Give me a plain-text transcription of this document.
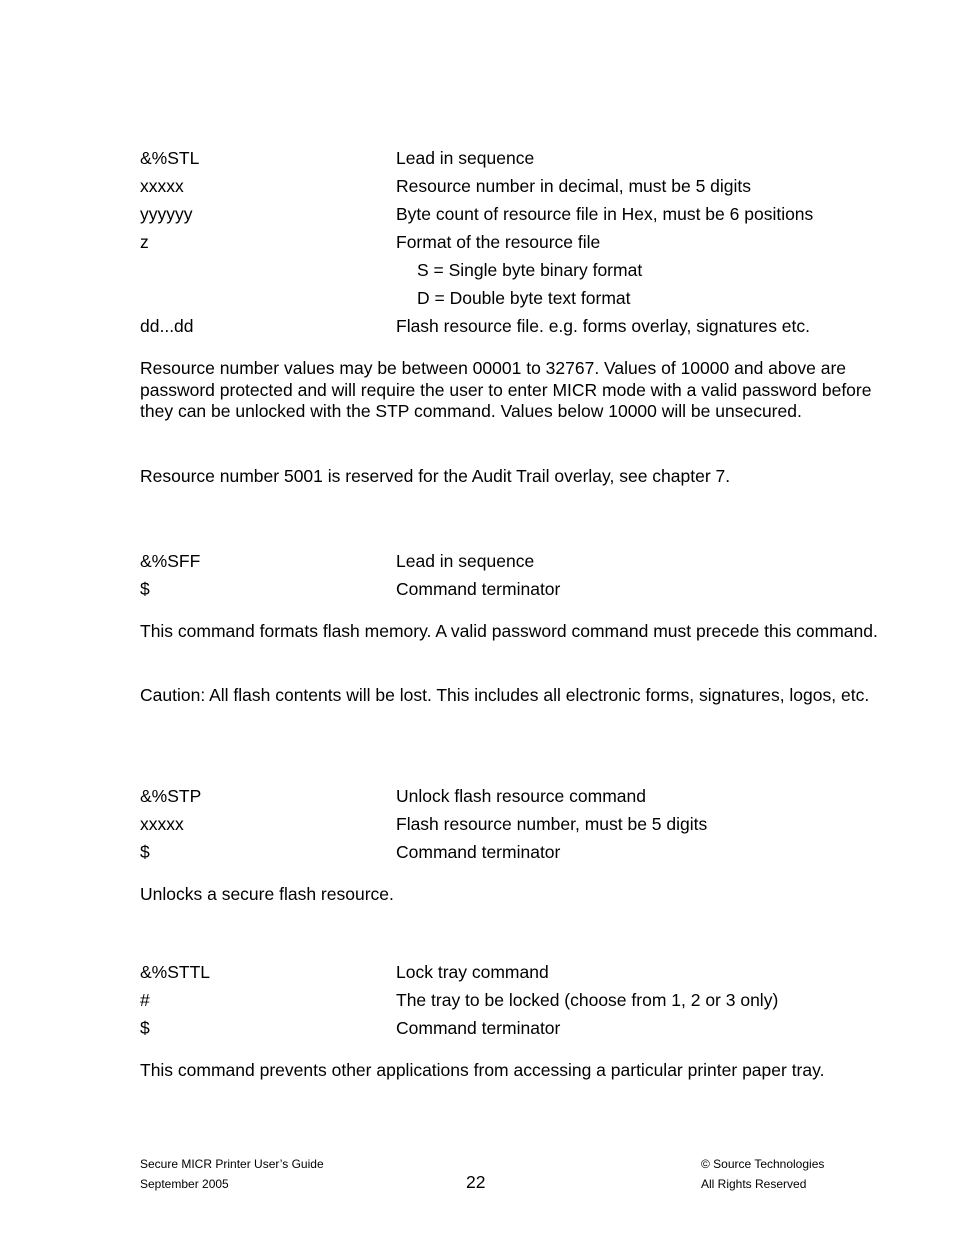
&%STL	Lead in sequence
xxxxx	Resource number in decimal, must be 5 digits
yyyyyy	Byte count of resource file in Hex, must be 6 positions
z	Format of the resource file
S = Single byte binary format
D = Double byte text format
dd...dd	Flash resource file. e.g. forms overlay, signatures etc.

Resource number values may be between 00001 to 32767. Values of 10000 and above are password protected and will require the user to enter MICR mode with a valid password before they can be unlocked with the STP command. Values below 10000 will be unsecured.

Resource number 5001 is reserved for the Audit Trail overlay, see chapter 7.

&%SFF	Lead in sequence
$	Command terminator

This command formats flash memory. A valid password command must precede this command.

Caution: All flash contents will be lost. This includes all electronic forms, signatures, logos, etc.

&%STP	Unlock flash resource command
xxxxx	Flash resource number, must be 5 digits
$	Command terminator

Unlocks a secure flash resource.

&%STTL	Lock tray command
#	The tray to be locked (choose from 1, 2 or 3 only)
$	Command terminator

This command prevents other applications from accessing a particular printer paper tray.

Secure MICR Printer User’s Guide
September 2005	22
© Source Technologies
All Rights Reserved
